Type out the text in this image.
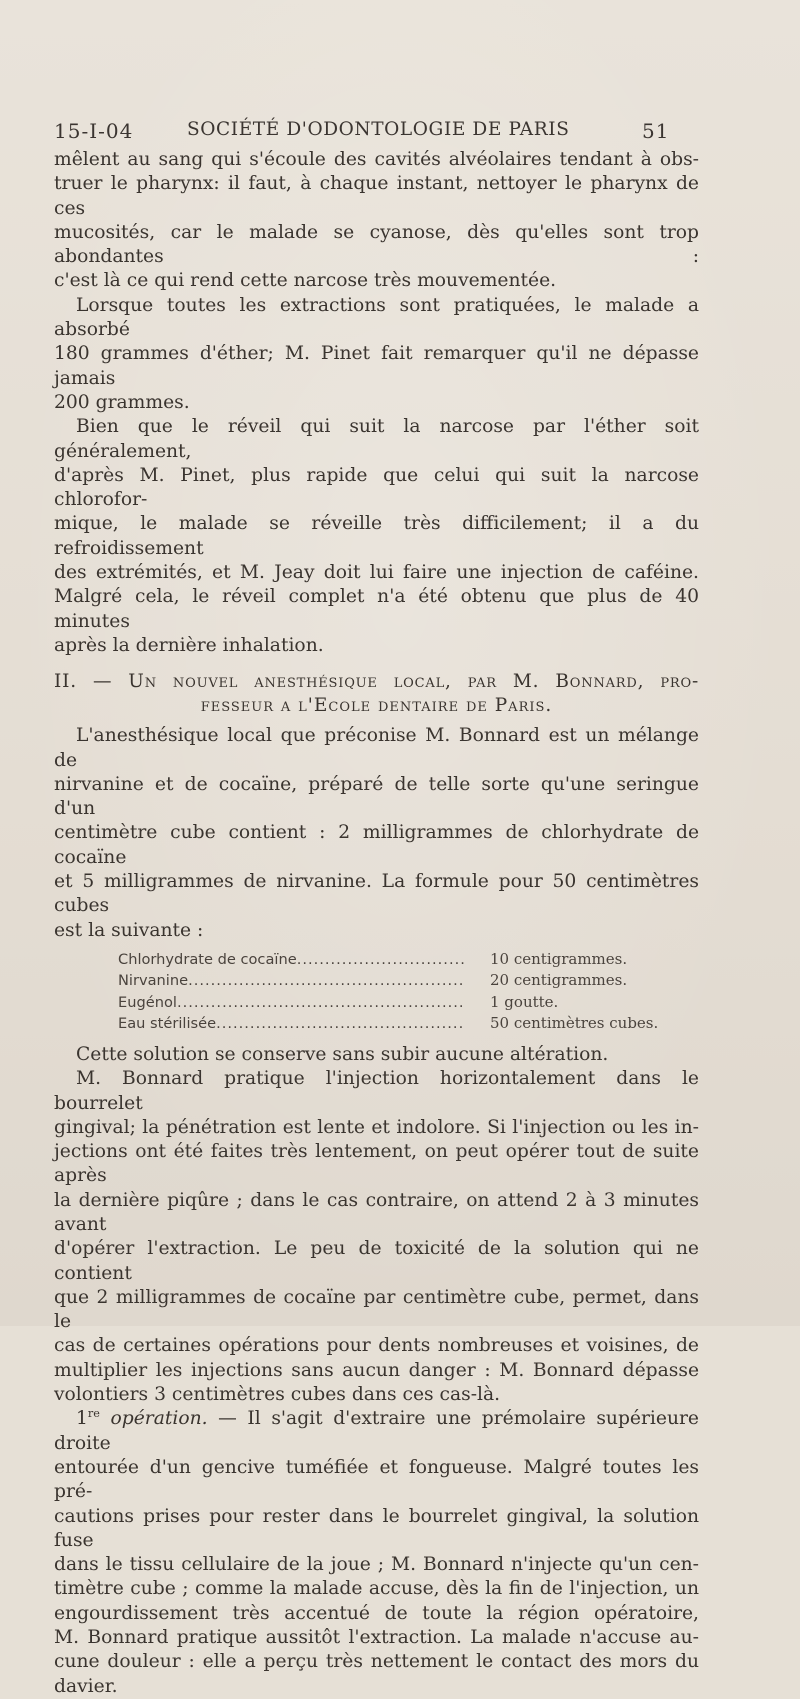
15-I-04	SOCIÉTÉ D'ODONTOLOGIE DE PARIS	51

mêlent au sang qui s'écoule des cavités alvéolaires tendant à obs-
truer le pharynx: il faut, à chaque instant, nettoyer le pharynx de ces
mucosités, car le malade se cyanose, dès qu'elles sont trop abondantes :
c'est là ce qui rend cette narcose très mouvementée.

Lorsque toutes les extractions sont pratiquées, le malade a absorbé
180 grammes d'éther; M. Pinet fait remarquer qu'il ne dépasse jamais
200 grammes.

Bien que le réveil qui suit la narcose par l'éther soit généralement,
d'après M. Pinet, plus rapide que celui qui suit la narcose chlorofor-
mique, le malade se réveille très difficilement; il a du refroidissement
des extrémités, et M. Jeay doit lui faire une injection de caféine.
Malgré cela, le réveil complet n'a été obtenu que plus de 40 minutes
après la dernière inhalation.

II. — Un nouvel anesthésique local, par M. Bonnard, pro-
fesseur a l'Ecole dentaire de Paris.

L'anesthésique local que préconise M. Bonnard est un mélange de
nirvanine et de cocaïne, préparé de telle sorte qu'une seringue d'un
centimètre cube contient : 2 milligrammes de chlorhydrate de cocaïne
et 5 milligrammes de nirvanine. La formule pour 50 centimètres cubes
est la suivante :

Chlorhydrate de cocaïne .....	10 centigrammes.
Nirvanine .....	20 centigrammes.
Eugénol .....	1 goutte.
Eau stérilisée .....	50 centimètres cubes.

Cette solution se conserve sans subir aucune altération.

M. Bonnard pratique l'injection horizontalement dans le bourrelet
gingival; la pénétration est lente et indolore. Si l'injection ou les in-
jections ont été faites très lentement, on peut opérer tout de suite après
la dernière piqûre ; dans le cas contraire, on attend 2 à 3 minutes avant
d'opérer l'extraction. Le peu de toxicité de la solution qui ne contient
que 2 milligrammes de cocaïne par centimètre cube, permet, dans le
cas de certaines opérations pour dents nombreuses et voisines, de
multiplier les injections sans aucun danger : M. Bonnard dépasse
volontiers 3 centimètres cubes dans ces cas-là.

1re opération. — Il s'agit d'extraire une prémolaire supérieure droite
entourée d'un gencive tuméfiée et fongueuse. Malgré toutes les pré-
cautions prises pour rester dans le bourrelet gingival, la solution fuse
dans le tissu cellulaire de la joue ; M. Bonnard n'injecte qu'un cen-
timètre cube ; comme la malade accuse, dès la fin de l'injection, un
engourdissement très accentué de toute la région opératoire,
M. Bonnard pratique aussitôt l'extraction. La malade n'accuse au-
cune douleur : elle a perçu très nettement le contact des mors du
davier.
